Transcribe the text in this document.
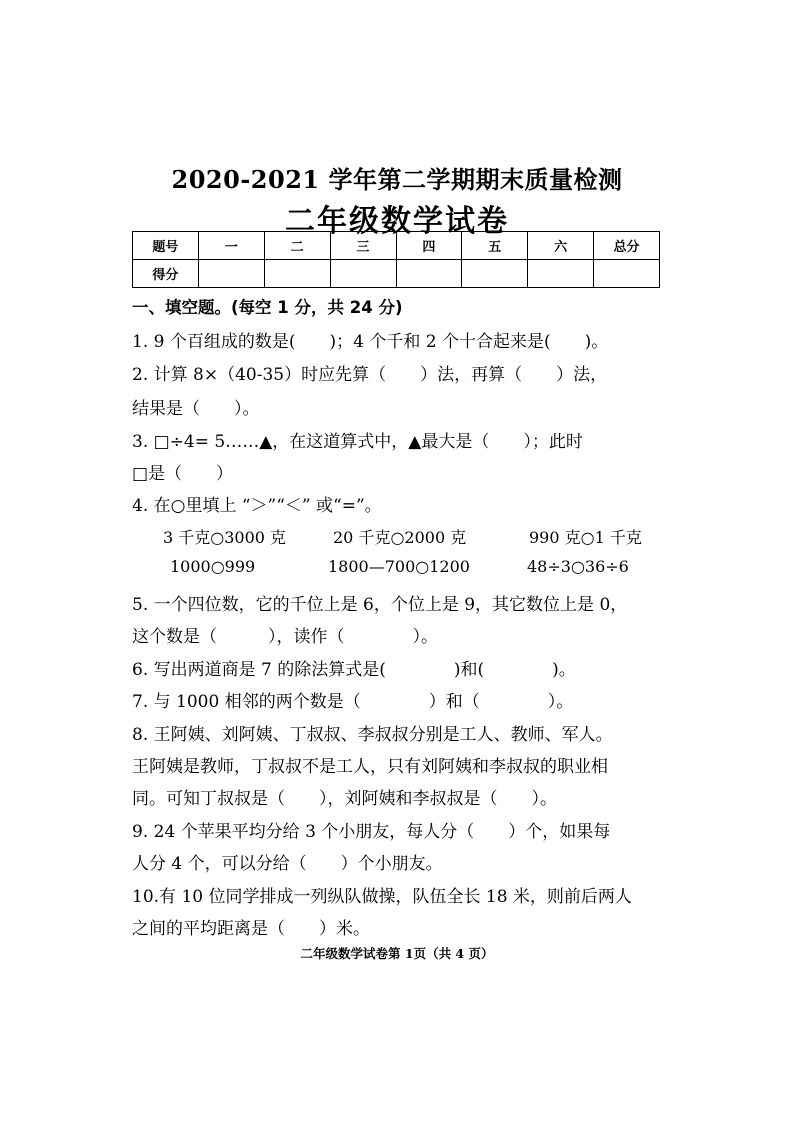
2020-2021 学年第二学期期末质量检测
二年级数学试卷
题号	一	二	三	四	五	六	总分
得分							
一、填空题。(每空 1 分，共 24 分)
1. 9 个百组成的数是(　　)；4 个千和 2 个十合起来是(　　)。
2. 计算 8×（40-35）时应先算（　　）法，再算（　　）法，
结果是（　　）。
3. □÷4= 5……▲，在这道算式中，▲最大是（　　）；此时
□是（　　）
4. 在○里填上 “＞”“＜” 或“=”。
3 千克○3000 克	20 千克○2000 克	990 克○1 千克
1000○999	1800—700○1200	48÷3○36÷6
5. 一个四位数，它的千位上是 6，个位上是 9，其它数位上是 0，
这个数是（　　　），读作（　　　　）。
6. 写出两道商是 7 的除法算式是(　　　　)和(　　　　)。
7. 与 1000 相邻的两个数是（　　　　）和（　　　　）。
8. 王阿姨、刘阿姨、丁叔叔、李叔叔分别是工人、教师、军人。
王阿姨是教师，丁叔叔不是工人，只有刘阿姨和李叔叔的职业相
同。可知丁叔叔是（　　），刘阿姨和李叔叔是（　　）。
9. 24 个苹果平均分给 3 个小朋友，每人分（　　）个，如果每
人分 4 个，可以分给（　　）个小朋友。
10.有 10 位同学排成一列纵队做操，队伍全长 18 米，则前后两人
之间的平均距离是（　　）米。
二年级数学试卷第 1页（共 4 页）
